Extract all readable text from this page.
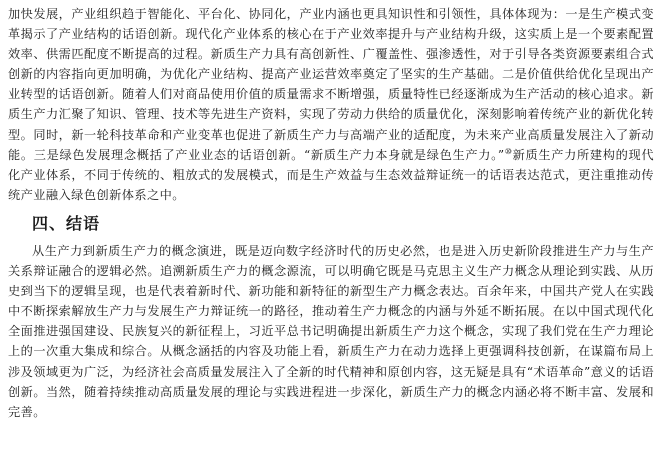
加快发展，产业组织趋于智能化、平台化、协同化，产业内涵也更具知识性和引领性，具体体现为：一是生产模式变革揭示了产业结构的话语创新。现代化产业体系的核心在于产业效率提升与产业结构升级，这实质上是一个要素配置效率、供需匹配度不断提高的过程。新质生产力具有高创新性、广覆盖性、强渗透性，对于引导各类资源要素组合式创新的内容指向更加明确，为优化产业结构、提高产业运营效率奠定了坚实的生产基础。二是价值供给优化呈现出产业转型的话语创新。随着人们对商品使用价值的质量需求不断增强，质量特性已经逐渐成为生产活动的核心追求。新质生产力汇聚了知识、管理、技术等先进生产资料，实现了劳动力供给的质量优化，深刻影响着传统产业的新优化转型。同时，新一轮科技革命和产业变革也促进了新质生产力与高端产业的适配度，为未来产业高质量发展注入了新动能。三是绿色发展理念概括了产业业态的话语创新。“新质生产力本身就是绿色生产力。”⑩新质生产力所建构的现代化产业体系，不同于传统的、粗放式的发展模式，而是生产效益与生态效益辩证统一的话语表达范式，更注重推动传统产业融入绿色创新体系之中。

四、结语

从生产力到新质生产力的概念演进，既是迈向数字经济时代的历史必然，也是进入历史新阶段推进生产力与生产关系辩证融合的逻辑必然。追溯新质生产力的概念源流，可以明确它既是马克思主义生产力概念从理论到实践、从历史到当下的逻辑呈现，也是代表着新时代、新功能和新特征的新型生产力概念表达。百余年来，中国共产党人在实践中不断探索解放生产力与发展生产力辩证统一的路径，推动着生产力概念的内涵与外延不断拓展。在以中国式现代化全面推进强国建设、民族复兴的新征程上，习近平总书记明确提出新质生产力这个概念，实现了我们党在生产力理论上的一次重大集成和综合。从概念涵括的内容及功能上看，新质生产力在动力选择上更强调科技创新，在谋篇布局上涉及领域更为广泛，为经济社会高质量发展注入了全新的时代精神和原创内容，这无疑是具有“术语革命”意义的话语创新。当然，随着持续推动高质量发展的理论与实践进程进一步深化，新质生产力的概念内涵必将不断丰富、发展和完善。
